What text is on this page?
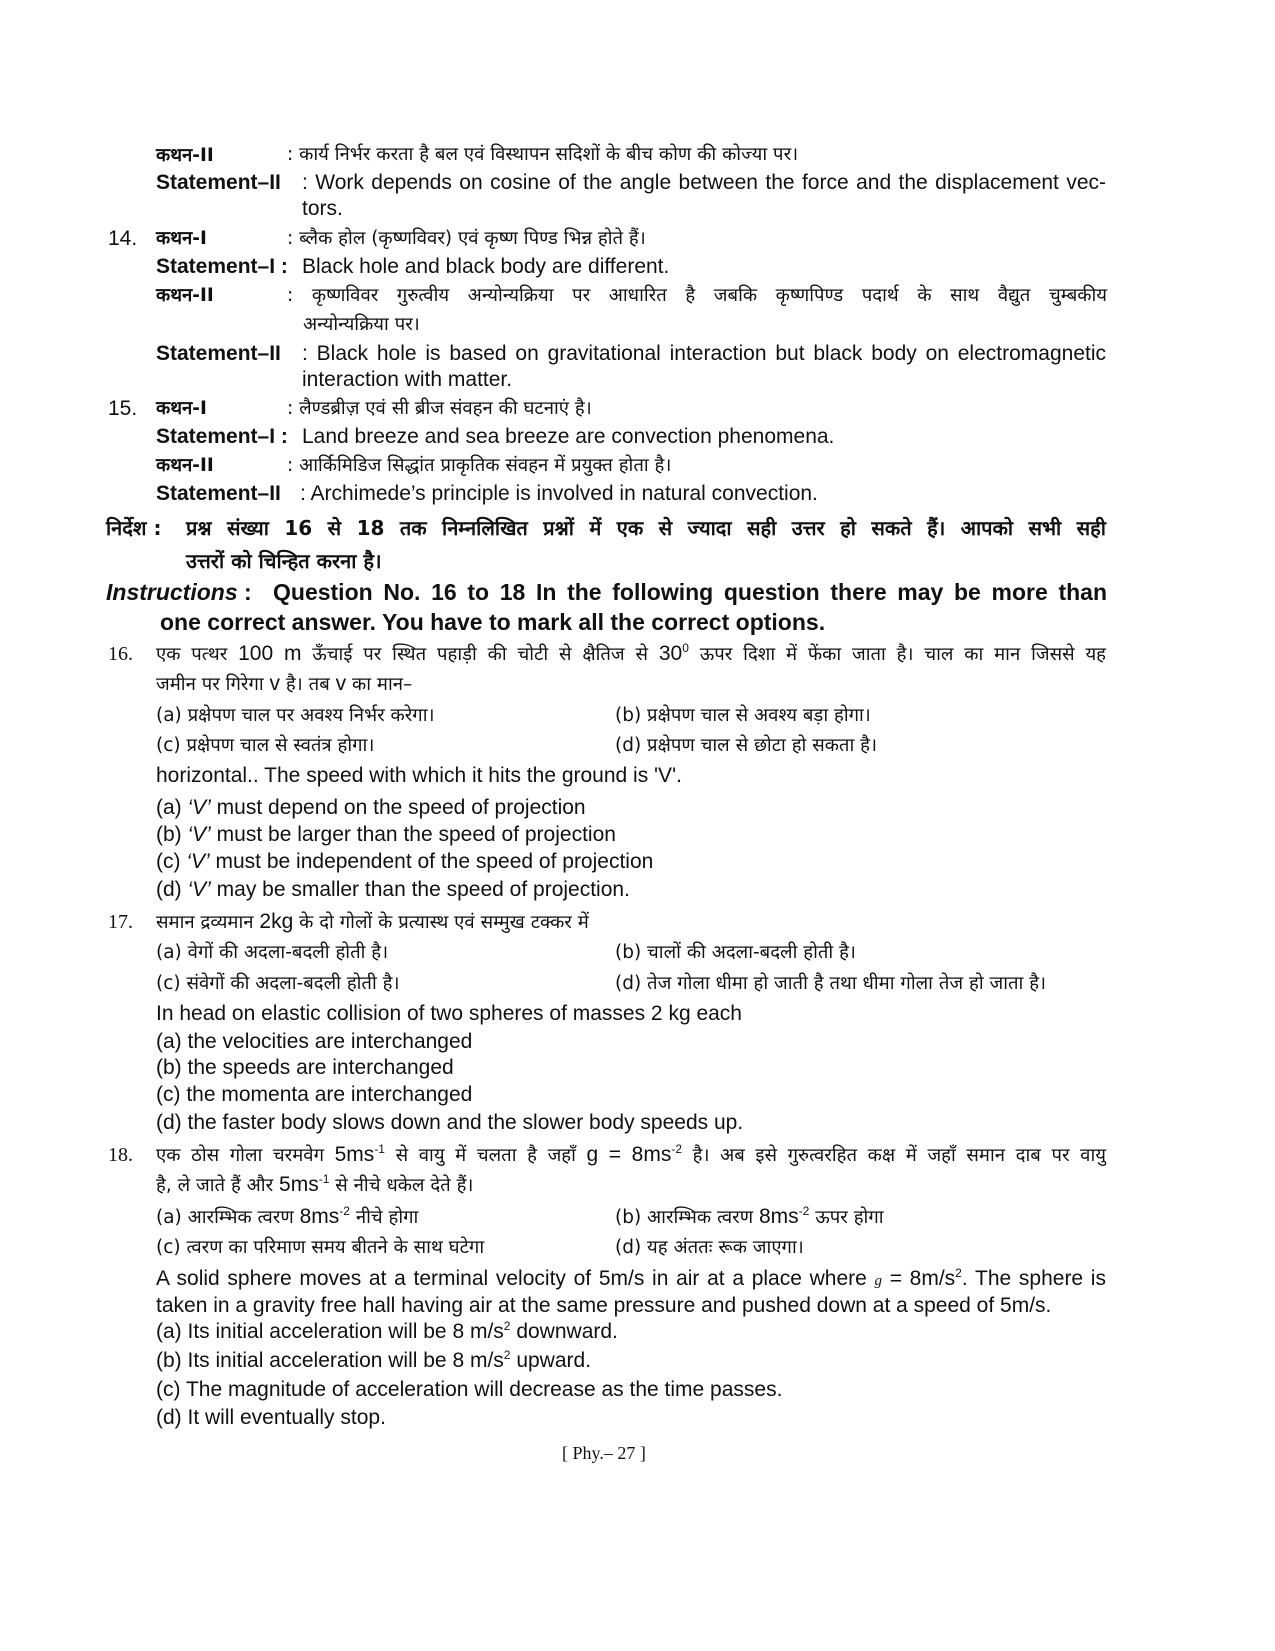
कथन-II	: कार्य निर्भर करता है बल एवं विस्थापन सदिशों के बीच कोण की कोज्या पर।
Statement–II : Work depends on cosine of the angle between the force and the displacement vec-
tors.
14. कथन-I	: ब्लैक होल (कृष्णविवर) एवं कृष्ण पिण्ड भिन्न होते हैं।
Statement–I : Black hole and black body are different.
कथन-II	: कृष्णविवर गुरुत्वीय अन्योन्यक्रिया पर आधारित है जबकि कृष्णपिण्ड पदार्थ के साथ वैद्युत चुम्बकीय
अन्योन्यक्रिया पर।
Statement–II : Black hole is based on gravitational interaction but black body on electromagnetic
interaction with matter.
15. कथन-I	: लैण्डब्रीज़ एवं सी ब्रीज संवहन की घटनाएं है।
Statement–I : Land breeze and sea breeze are convection phenomena.
कथन-II	: आर्किमिडिज सिद्धांत प्राकृतिक संवहन में प्रयुक्त होता है।
Statement–II : Archimede’s principle is involved in natural convection.
निर्देश : प्रश्न संख्या 16 से 18 तक निम्नलिखित प्रश्नों में एक से ज्यादा सही उत्तर हो सकते हैं। आपको सभी सही
उत्तरों को चिन्हित करना है।
Instructions : Question No. 16 to 18 In the following question there may be more than
one correct answer. You have to mark all the correct options.
16. एक पत्थर 100 m ऊँचाई पर स्थित पहाड़ी की चोटी से क्षैतिज से $30^0$ ऊपर दिशा में फेंका जाता है। चाल का मान जिससे यह
जमीन पर गिरेगा v है। तब v का मान–
(a) प्रक्षेपण चाल पर अवश्य निर्भर करेगा।	(b) प्रक्षेपण चाल से अवश्य बड़ा होगा।
(c) प्रक्षेपण चाल से स्वतंत्र होगा।	(d) प्रक्षेपण चाल से छोटा हो सकता है।
horizontal.. The speed with which it hits the ground is 'V'.
(a) ‘V’ must depend on the speed of projection
(b) ‘V’ must be larger than the speed of projection
(c) ‘V’ must be independent of the speed of projection
(d) ‘V’ may be smaller than the speed of projection.
17. समान द्रव्यमान 2kg के दो गोलों के प्रत्यास्थ एवं सम्मुख टक्कर में
(a) वेगों की अदला-बदली होती है।	(b) चालों की अदला-बदली होती है।
(c) संवेगों की अदला-बदली होती है।	(d) तेज गोला धीमा हो जाती है तथा धीमा गोला तेज हो जाता है।
In head on elastic collision of two spheres of masses 2 kg each
(a) the velocities are interchanged
(b) the speeds are interchanged
(c) the momenta are interchanged
(d) the faster body slows down and the slower body speeds up.
18. एक ठोस गोला चरमवेग $5ms^{-1}$ से वायु में चलता है जहाँ $g = 8ms^{-2}$ है। अब इसे गुरुत्वरहित कक्ष में जहाँ समान दाब पर वायु
है, ले जाते हैं और $5ms^{-1}$ से नीचे धकेल देते हैं।
(a) आरम्भिक त्वरण $8ms^{-2}$ नीचे होगा	(b) आरम्भिक त्वरण $8ms^{-2}$ ऊपर होगा
(c) त्वरण का परिमाण समय बीतने के साथ घटेगा	(d) यह अंततः रूक जाएगा।
A solid sphere moves at a terminal velocity of 5m/s in air at a place where $g = 8m/s^2$. The sphere is
taken in a gravity free hall having air at the same pressure and pushed down at a speed of 5m/s.
(a) Its initial acceleration will be 8 $m/s^2$ downward.
(b) Its initial acceleration will be 8 $m/s^2$ upward.
(c) The magnitude of acceleration will decrease as the time passes.
(d) It will eventually stop.
[ Phy.– 27 ]
